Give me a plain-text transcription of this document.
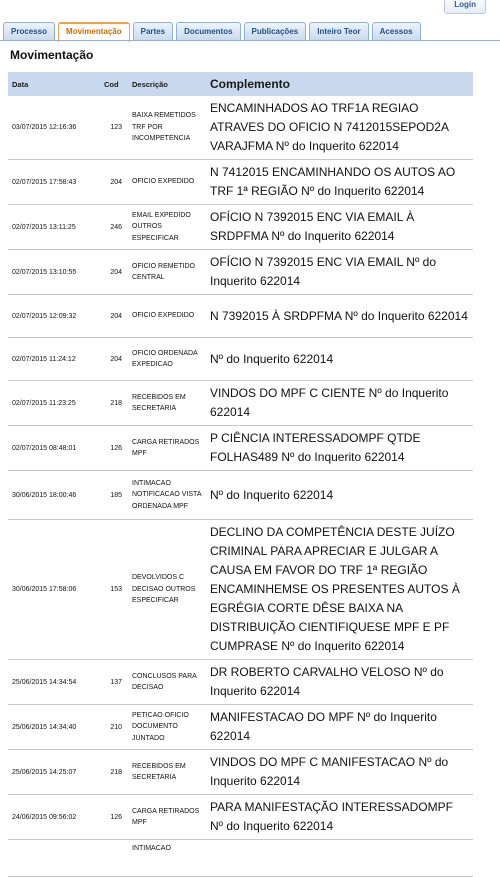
Login
Processo	Movimentação	Partes	Documentos	Publicações	Inteiro Teor	Acessos
Movimentação
Data	Cod	Descrição	Complemento
03/07/2015 12:16:36	123	BAIXA REMETIDOS TRF POR INCOMPETENCIA	ENCAMINHADOS AO TRF1A REGIAO ATRAVES DO OFICIO N 7412015SEPOD2A VARAJFMA Nº do Inquerito 622014
02/07/2015 17:58:43	204	OFICIO EXPEDIDO	N 7412015 ENCAMINHANDO OS AUTOS AO TRF 1ª REGIÃO Nº do Inquerito 622014
02/07/2015 13:11:25	246	EMAIL EXPEDIDO OUTROS ESPECIFICAR	OFÍCIO N 7392015 ENC VIA EMAIL À SRDPFMA Nº do Inquerito 622014
02/07/2015 13:10:55	204	OFICIO REMETIDO CENTRAL	OFÍCIO N 7392015 ENC VIA EMAIL Nº do Inquerito 622014
02/07/2015 12:09:32	204	OFICIO EXPEDIDO	N 7392015 À SRDPFMA Nº do Inquerito 622014
02/07/2015 11:24:12	204	OFICIO ORDENADA EXPEDICAO	Nº do Inquerito 622014
02/07/2015 11:23:25	218	RECEBIDOS EM SECRETARIA	VINDOS DO MPF C CIENTE Nº do Inquerito 622014
02/07/2015 08:48:01	126	CARGA RETIRADOS MPF	P CIÊNCIA INTERESSADOMPF QTDE FOLHAS489 Nº do Inquerito 622014
30/06/2015 18:00:46	185	INTIMACAO NOTIFICACAO VISTA ORDENADA MPF	Nº do Inquerito 622014
30/06/2015 17:58:06	153	DEVOLVIDOS C DECISAO OUTROS ESPECIFICAR	DECLINO DA COMPETÊNCIA DESTE JUÍZO CRIMINAL PARA APRECIAR E JULGAR A CAUSA EM FAVOR DO TRF 1ª REGIÃO ENCAMINHEMSE OS PRESENTES AUTOS À EGRÉGIA CORTE DÊSE BAIXA NA DISTRIBUIÇÃO CIENTIFIQUESE MPF E PF CUMPRASE Nº do Inquerito 622014
25/06/2015 14:34:54	137	CONCLUSOS PARA DECISAO	DR ROBERTO CARVALHO VELOSO Nº do Inquerito 622014
25/06/2015 14:34:40	210	PETICAO OFICIO DOCUMENTO JUNTADO	MANIFESTACAO DO MPF Nº do Inquerito 622014
25/06/2015 14:25:07	218	RECEBIDOS EM SECRETARIA	VINDOS DO MPF C MANIFESTACAO Nº do Inquerito 622014
24/06/2015 09:56:02	126	CARGA RETIRADOS MPF	PARA MANIFESTAÇÃO INTERESSADOMPF Nº do Inquerito 622014
		INTIMACAO	
